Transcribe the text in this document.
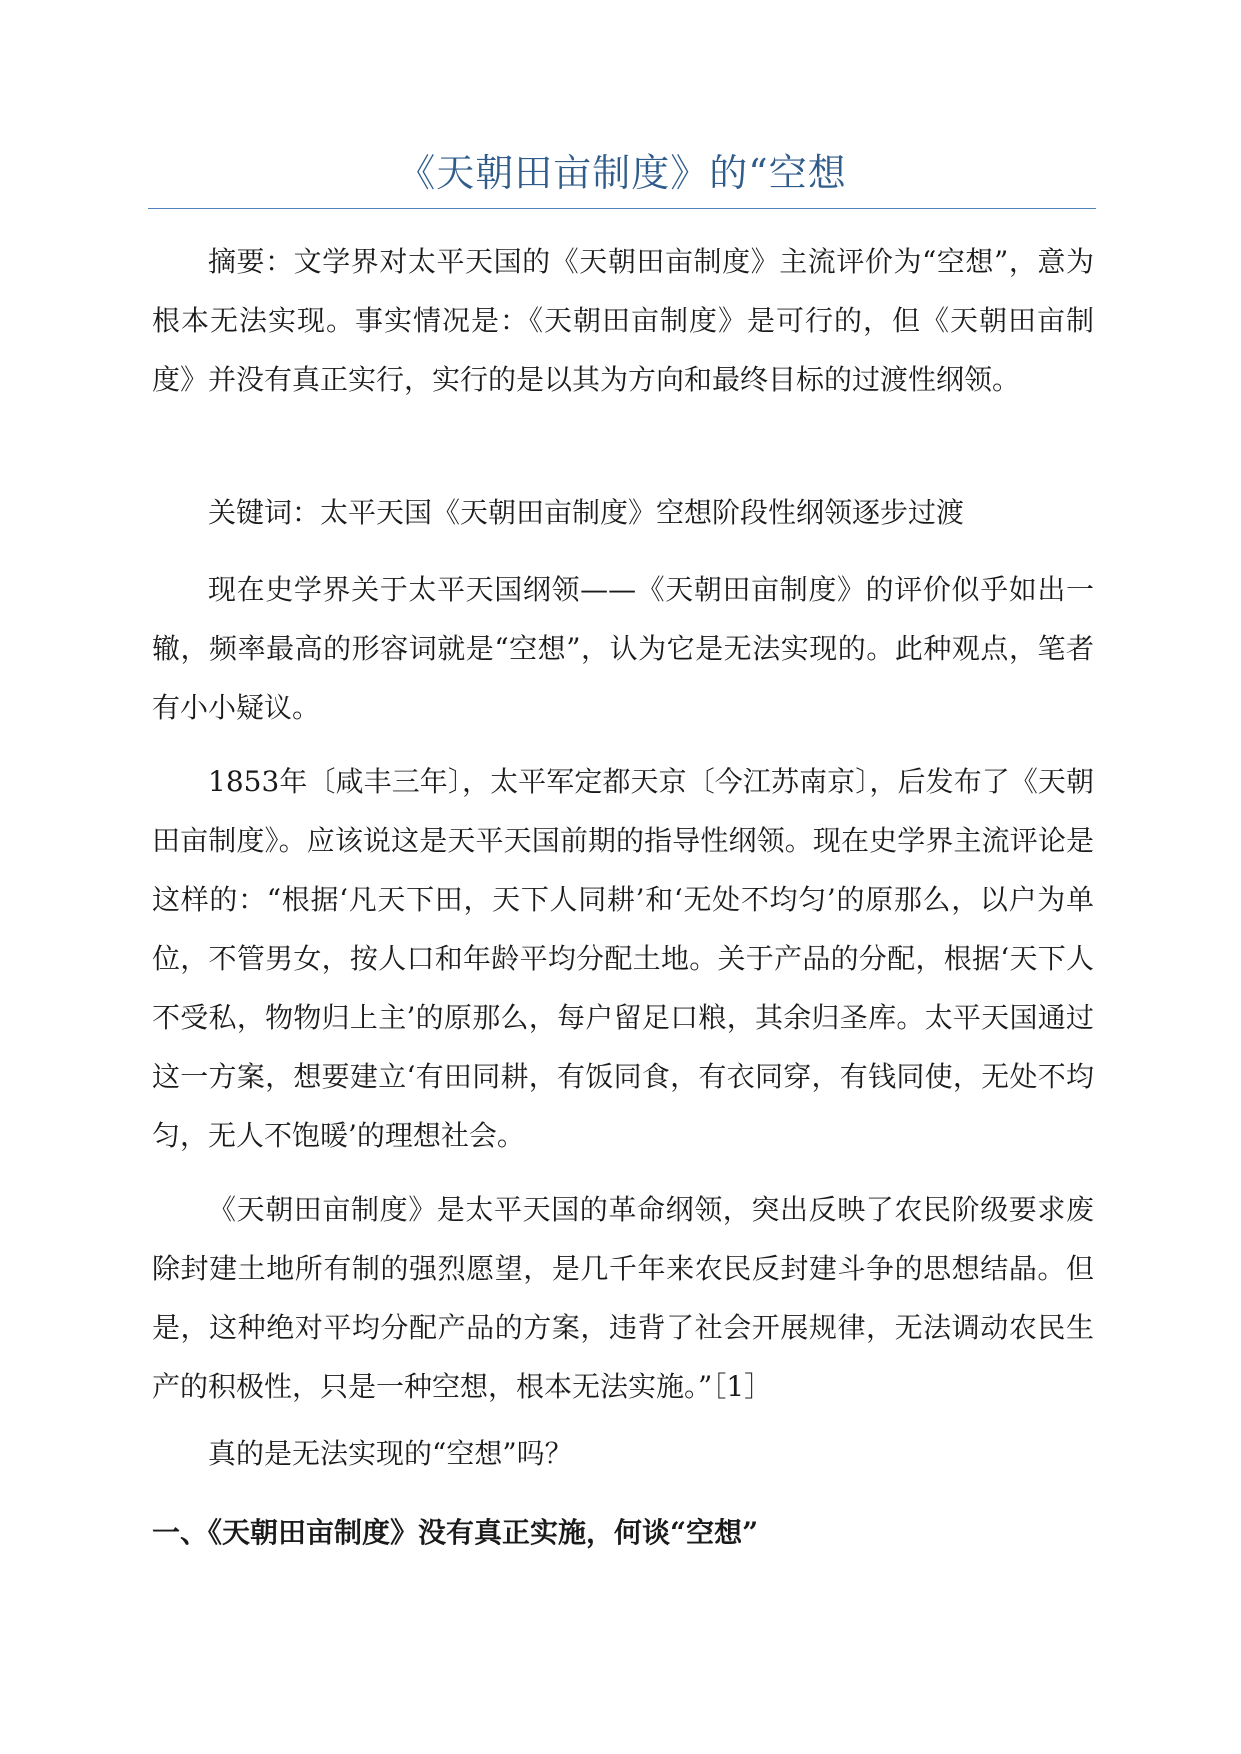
《天朝田亩制度》的“空想

摘要：文学界对太平天国的《天朝田亩制度》主流评价为“空想”，意为根本无法实现。事实情况是：《天朝田亩制度》是可行的，但《天朝田亩制度》并没有真正实行，实行的是以其为方向和最终目标的过渡性纲领。

关键词：太平天国《天朝田亩制度》空想阶段性纲领逐步过渡

现在史学界关于太平天国纲领——《天朝田亩制度》的评价似乎如出一辙，频率最高的形容词就是“空想”，认为它是无法实现的。此种观点，笔者有小小疑议。

1853年〔咸丰三年〕，太平军定都天京〔今江苏南京〕，后发布了《天朝田亩制度》。应该说这是天平天国前期的指导性纲领。现在史学界主流评论是这样的：“根据‘凡天下田，天下人同耕’和‘无处不均匀’的原那么，以户为单位，不管男女，按人口和年龄平均分配土地。关于产品的分配，根据‘天下人不受私，物物归上主’的原那么，每户留足口粮，其余归圣库。太平天国通过这一方案，想要建立‘有田同耕，有饭同食，有衣同穿，有钱同使，无处不均匀，无人不饱暖’的理想社会。

《天朝田亩制度》是太平天国的革命纲领，突出反映了农民阶级要求废除封建土地所有制的强烈愿望，是几千年来农民反封建斗争的思想结晶。但是，这种绝对平均分配产品的方案，违背了社会开展规律，无法调动农民生产的积极性，只是一种空想，根本无法实施。”［1］

真的是无法实现的“空想”吗？

一、《天朝田亩制度》没有真正实施，何谈“空想”
